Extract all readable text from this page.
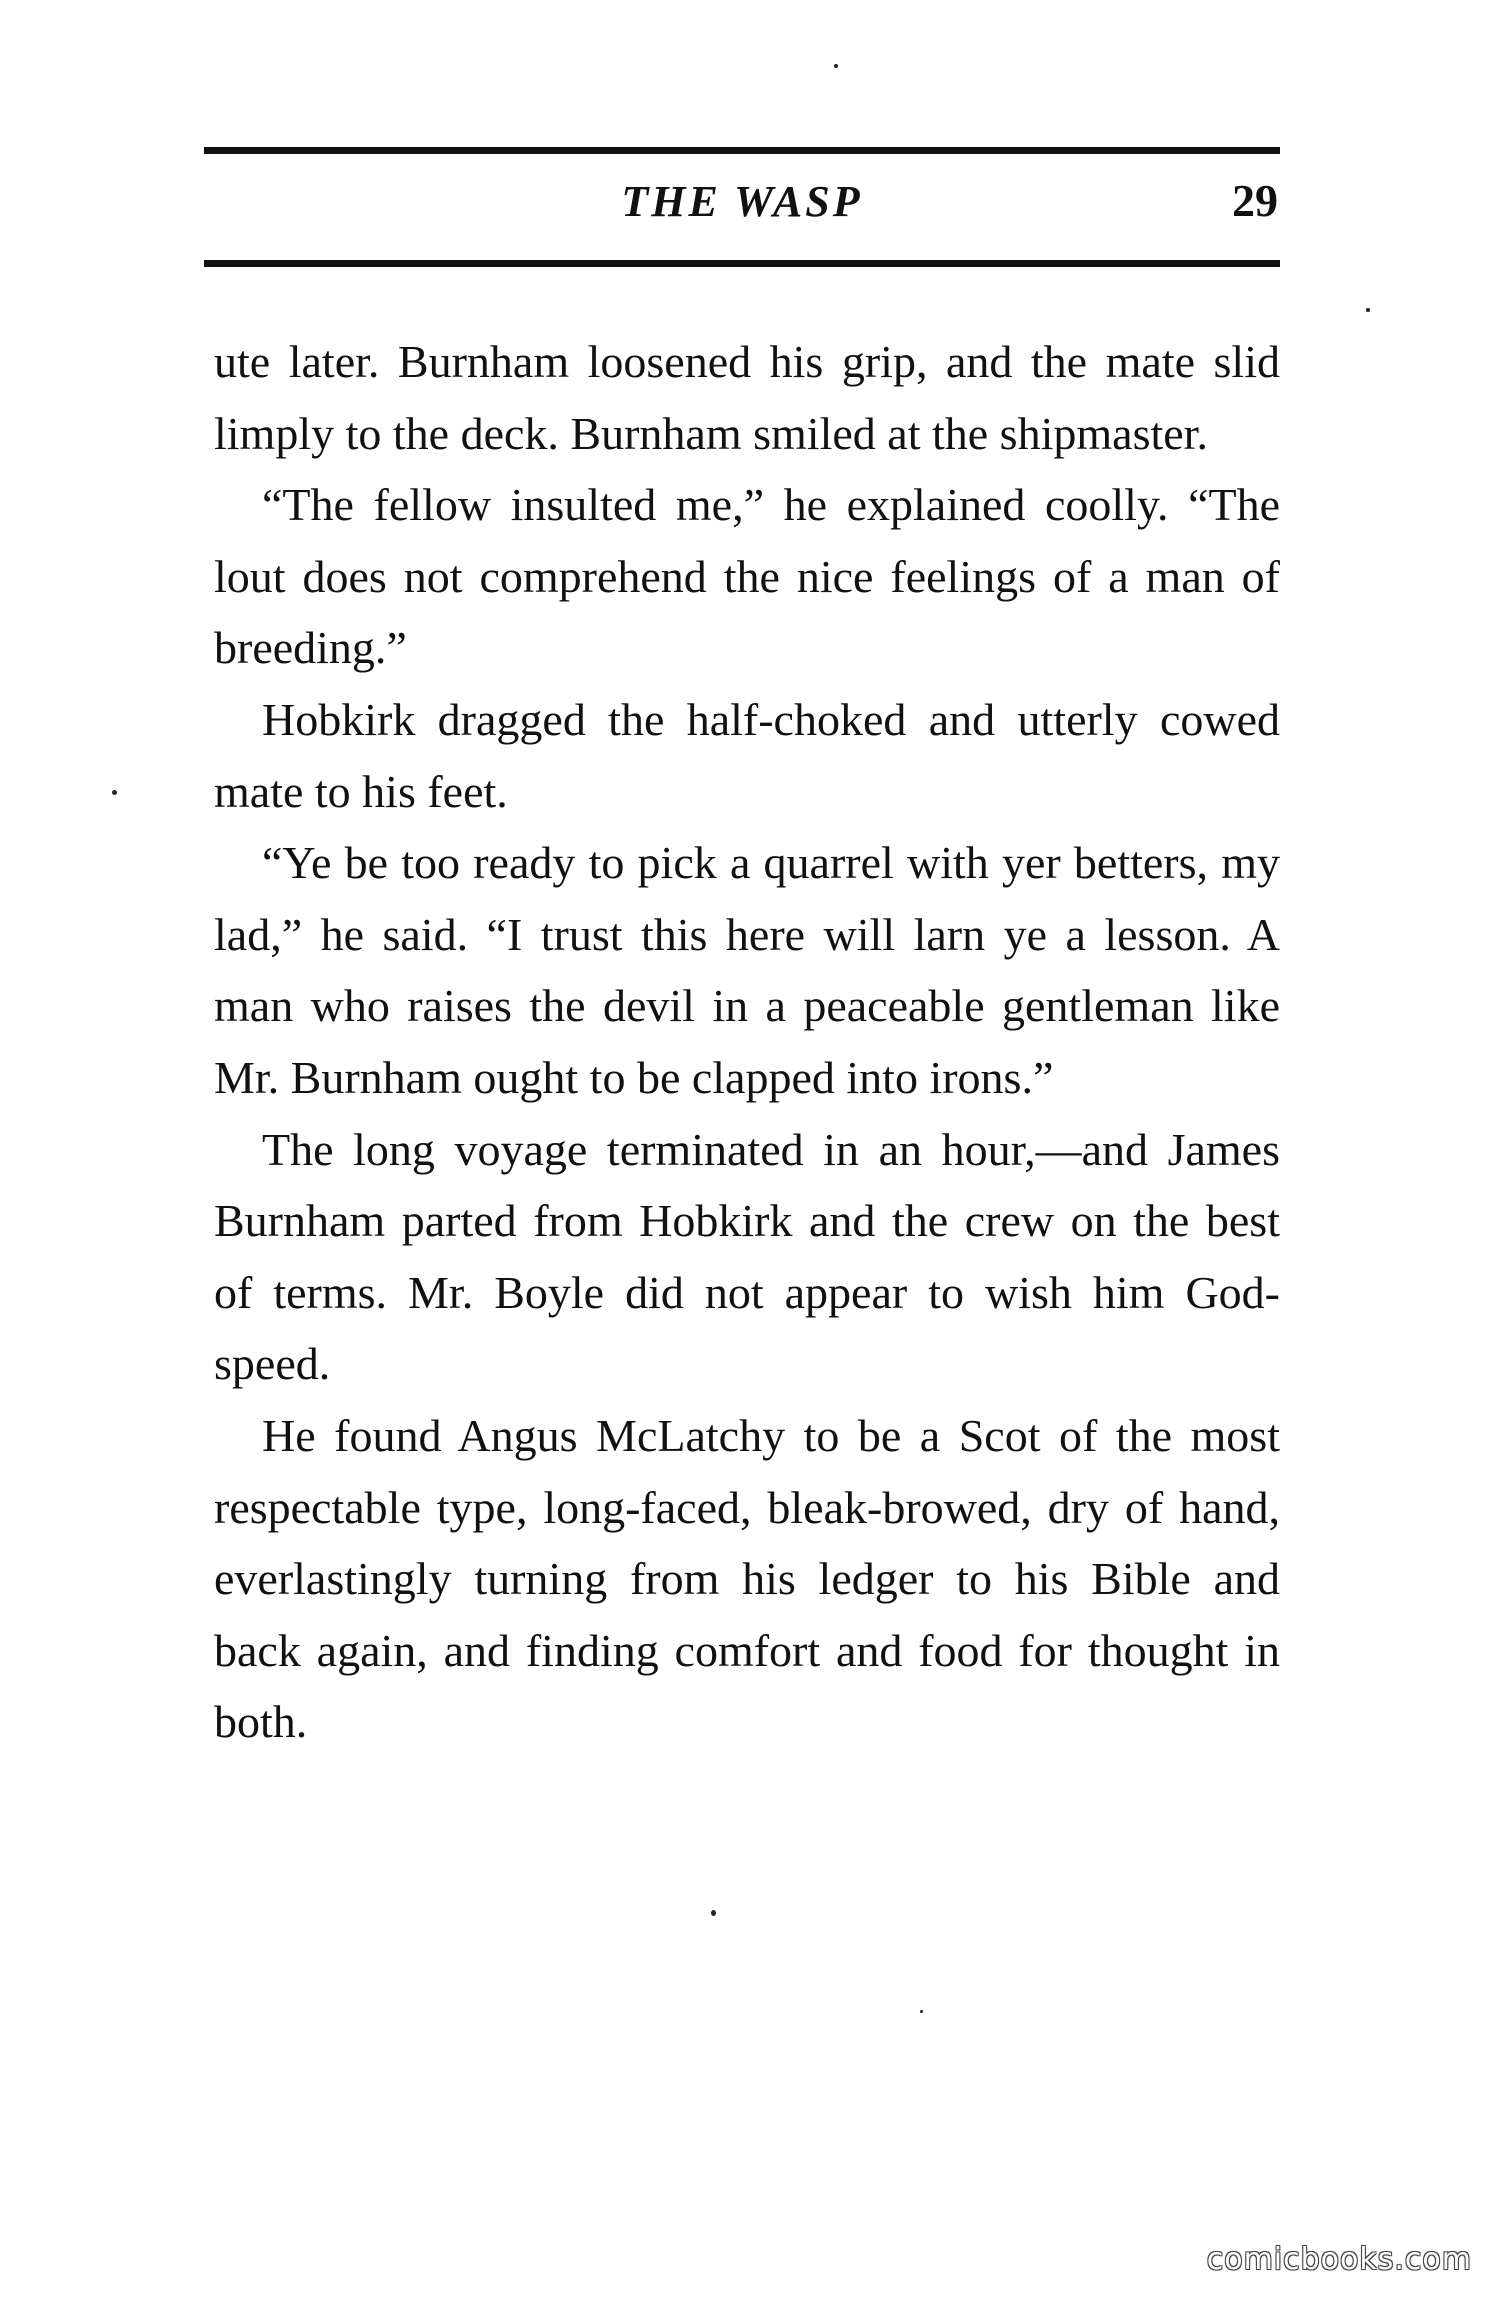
THE WASP	29

ute later. Burnham loosened his grip, and the mate slid limply to the deck. Burnham smiled at the shipmaster.

“The fellow insulted me,” he explained coolly. “The lout does not comprehend the nice feelings of a man of breeding.”

Hobkirk dragged the half-choked and utterly cowed mate to his feet.

“Ye be too ready to pick a quarrel with yer betters, my lad,” he said. “I trust this here will larn ye a lesson. A man who raises the devil in a peaceable gentleman like Mr. Burnham ought to be clapped into irons.”

The long voyage terminated in an hour,—and James Burnham parted from Hobkirk and the crew on the best of terms. Mr. Boyle did not appear to wish him God-speed.

He found Angus McLatchy to be a Scot of the most respectable type, long-faced, bleak-browed, dry of hand, everlastingly turning from his ledger to his Bible and back again, and finding comfort and food for thought in both.

comicbooks.com
